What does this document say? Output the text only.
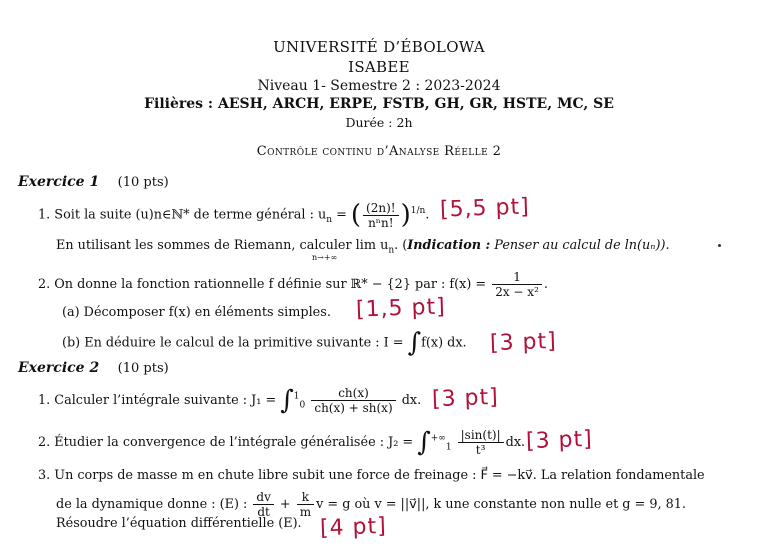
UNIVERSITÉ D’ÉBOLOWA
ISABEE
Niveau 1- Semestre 2 : 2023-2024
Filières : AESH, ARCH, ERPE, FSTB, GH, GR, HSTE, MC, SE
Durée : 2h
Contrôle continu d’Analyse Réelle 2
Exercice 1 (10 pts)
1. Soit la suite (u)n∈ℕ* de terme général : $u_n$ = ( $\frac{(2n)!}{\text{nⁿn!}} )^{1/n}$. [5,5 pt]
En utilisant les sommes de Riemann, calculer $\lim u_n$. (Indication : Penser au calcul de ln(uₙ)).
n→+∞
2. On donne la fonction rationnelle f définie sur ℝ* − {2} par : $f(x) = \frac{1}{\text{2x − x²}}$ .
(a) Décomposer f(x) en éléments simples. [1,5 pt]
(b) En déduire le calcul de la primitive suivante : I = ∫f(x) dx. [3 pt]
Exercice 2 (10 pts)
1. Calculer l’intégrale suivante : $J_1 = \int^1_0 \frac{ch(x)}{ch(x) + sh(x)}$ dx. [3 pt]
2. Étudier la convergence de l’intégrale généralisée : $J_2 = \int^{+\infty}_1 \frac{|\sin(t)|}{\text{t³}}$ dx. [3 pt]
3. Un corps de masse m en chute libre subit une force de freinage : F⃗ = −kv⃗. La relation fondamentale
de la dynamique donne : (E) : $\frac{dv}{dt} + \frac{k}{m}$ v = g où v = ||v⃗||, k une constante non nulle et g = 9, 81.
Résoudre l’équation différentielle (E). [4 pt]
